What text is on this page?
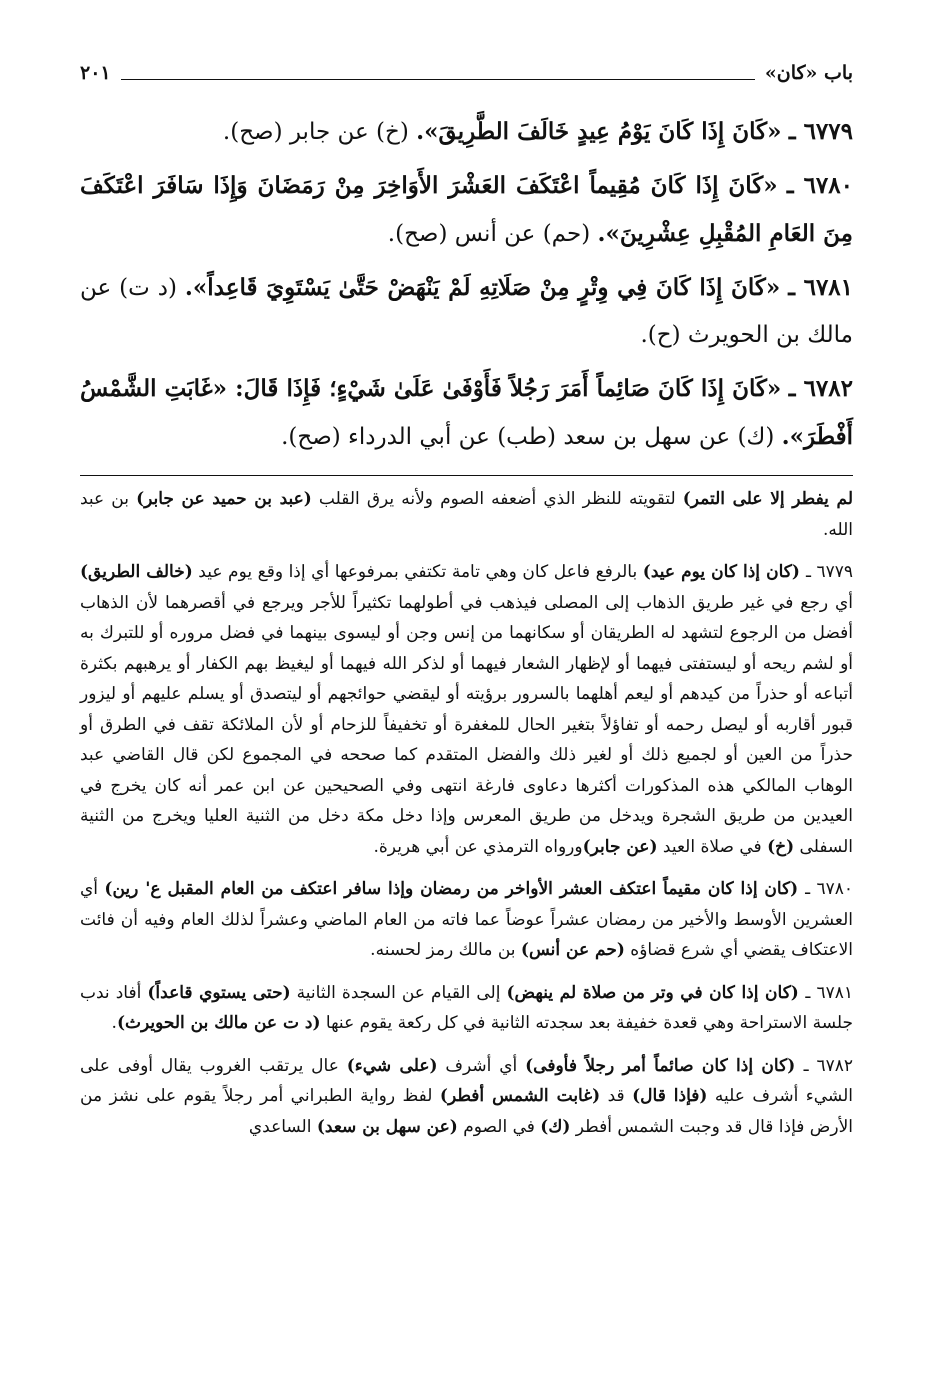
باب «كان»
٢٠١

٦٧٧٩ ـ «كَانَ إِذَا كَانَ يَوْمُ عِيدٍ خَالَفَ الطَّرِيقَ». (خ) عن جابر (صح).

٦٧٨٠ ـ «كَانَ إِذَا كَانَ مُقِيماً اعْتَكَفَ العَشْرَ الأَوَاخِرَ مِنْ رَمَضَانَ وَإِذَا سَافَرَ اعْتَكَفَ مِنَ العَامِ المُقْبِلِ عِشْرِينَ». (حم) عن أنس (صح).

٦٧٨١ ـ «كَانَ إِذَا كَانَ فِي وِتْرٍ مِنْ صَلَاتِهِ لَمْ يَنْهَضْ حَتَّىٰ يَسْتَوِيَ قَاعِداً». (د ت) عن مالك بن الحويرث (ح).

٦٧٨٢ ـ «كَانَ إِذَا كَانَ صَائِماً أَمَرَ رَجُلاً فَأَوْفَىٰ عَلَىٰ شَيْءٍ؛ فَإِذَا قَالَ: «غَابَتِ الشَّمْسُ أَفْطَرَ». (ك) عن سهل بن سعد (طب) عن أبي الدرداء (صح).

لم يفطر إلا على التمر) لتقويته للنظر الذي أضعفه الصوم ولأنه يرق القلب (عبد بن حميد عن جابر) بن عبد الله.

٦٧٧٩ ـ (كان إذا كان يوم عيد) بالرفع فاعل كان وهي تامة تكتفي بمرفوعها أي إذا وقع يوم عيد (خالف الطريق) أي رجع في غير طريق الذهاب إلى المصلى فيذهب في أطولهما تكثيراً للأجر ويرجع في أقصرهما لأن الذهاب أفضل من الرجوع لتشهد له الطريقان أو سكانهما من إنس وجن أو ليسوى بينهما في فضل مروره أو للتبرك به أو لشم ريحه أو ليستفتى فيهما أو لإظهار الشعار فيهما أو لذكر الله فيهما أو ليغيظ بهم الكفار أو يرهبهم بكثرة أتباعه أو حذراً من كيدهم أو ليعم أهلهما بالسرور برؤيته أو ليقضي حوائجهم أو ليتصدق أو يسلم عليهم أو ليزور قبور أقاربه أو ليصل رحمه أو تفاؤلاً بتغير الحال للمغفرة أو تخفيفاً للزحام أو لأن الملائكة تقف في الطرق أو حذراً من العين أو لجميع ذلك أو لغير ذلك والفضل المتقدم كما صححه في المجموع لكن قال القاضي عبد الوهاب المالكي هذه المذكورات أكثرها دعاوى فارغة انتهى وفي الصحيحين عن ابن عمر أنه كان يخرج في العيدين من طريق الشجرة ويدخل من طريق المعرس وإذا دخل مكة دخل من الثنية العليا ويخرج من الثنية السفلى (خ) في صلاة العيد (عن جابر)ورواه الترمذي عن أبي هريرة.

٦٧٨٠ ـ (كان إذا كان مقيماً اعتكف العشر الأواخر من رمضان وإذا سافر اعتكف من العام المقبل ع' رين) أي العشرين الأوسط والأخير من رمضان عشراً عوضاً عما فاته من العام الماضي وعشراً لذلك العام وفيه أن فائت الاعتكاف يقضي أي شرع قضاؤه (حم عن أنس) بن مالك رمز لحسنه.

٦٧٨١ ـ (كان إذا كان في وتر من صلاة لم ينهض) إلى القيام عن السجدة الثانية (حتى يستوي قاعداً) أفاد ندب جلسة الاستراحة وهي قعدة خفيفة بعد سجدته الثانية في كل ركعة يقوم عنها (د ت عن مالك بن الحويرث).

٦٧٨٢ ـ (كان إذا كان صائماً أمر رجلاً فأوفى) أي أشرف (على شيء) عال يرتقب الغروب يقال أوفى على الشيء أشرف عليه (فإذا قال) قد (غابت الشمس أفطر) لفظ رواية الطبراني أمر رجلاً يقوم على نشز من الأرض فإذا قال قد وجبت الشمس أفطر (ك) في الصوم (عن سهل بن سعد) الساعدي
